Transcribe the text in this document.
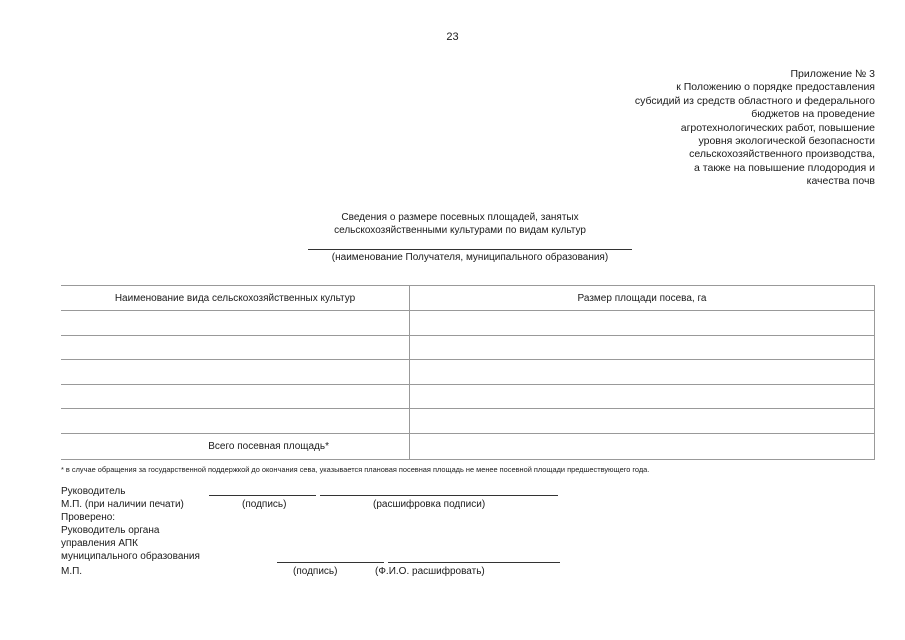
23
Приложение № 3
к Положению о порядке предоставления
субсидий из средств областного и федерального
бюджетов на проведение
агротехнологических работ, повышение
уровня экологической безопасности
сельскохозяйственного производства,
а также на повышение плодородия и
качества почв
Сведения о размере посевных площадей, занятых
сельскохозяйственными культурами по видам культур
(наименование Получателя, муниципального образования)
Наименование вида сельскохозяйственных культур	Размер площади посева, га

Всего посевная площадь*	
* в случае обращения за государственной поддержкой до окончания сева, указывается плановая посевная площадь не менее посевной площади предшествующего года.
Руководитель
М.П. (при наличии печати)	(подпись)	(расшифровка подписи)
Проверено:
Руководитель органа
управления АПК
муниципального образования
М.П.	(подпись)	(Ф.И.О. расшифровать)
